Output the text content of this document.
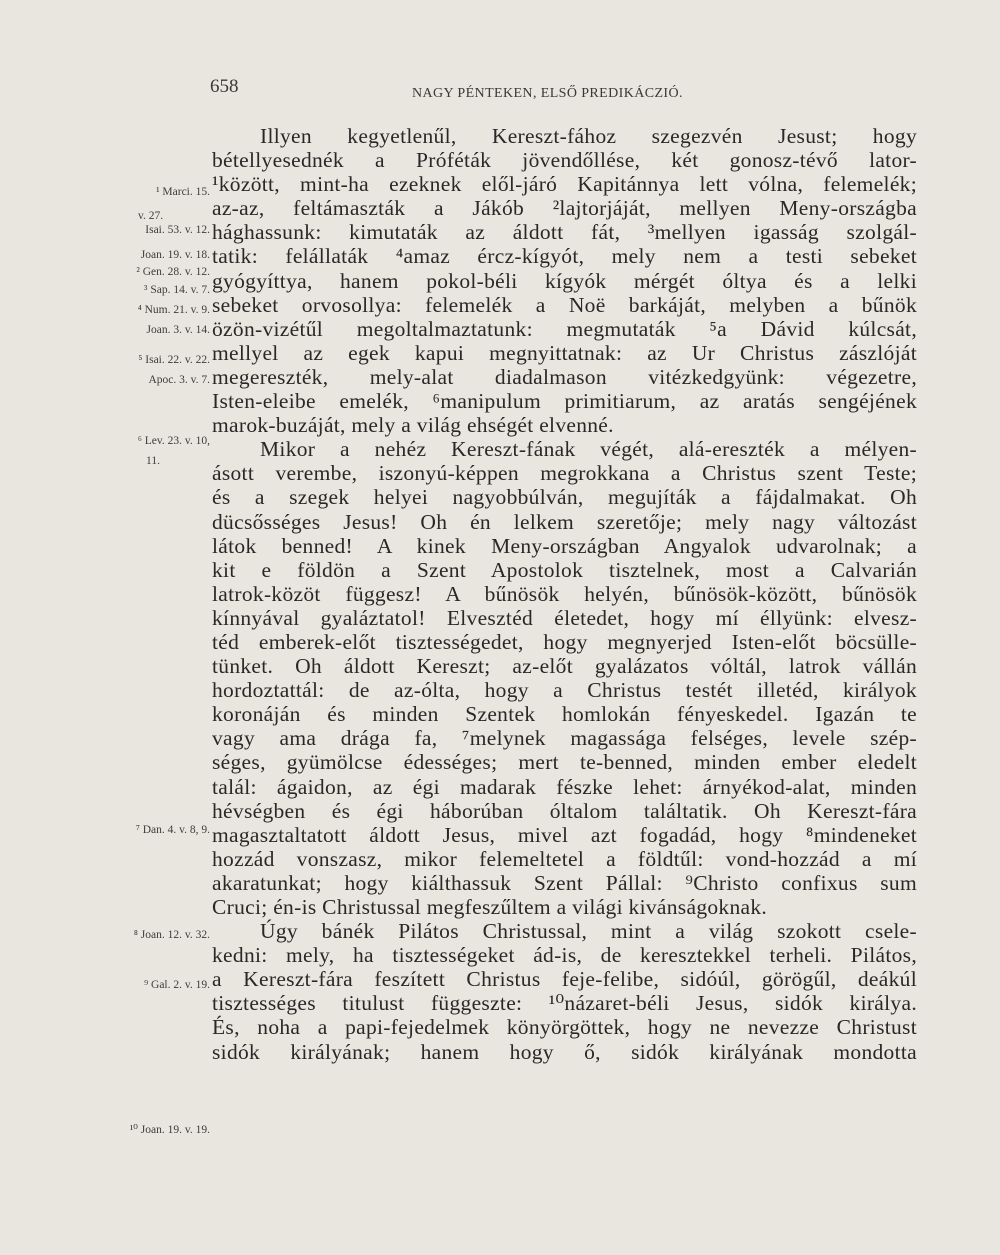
658	NAGY PÉNTEKEN, ELSŐ PREDIKÁCZIÓ.
¹ Marci. 15.
v. 27.
Isai. 53. v. 12.
Joan. 19. v. 18.
² Gen. 28. v. 12.
³ Sap. 14. v. 7.
⁴ Num. 21. v. 9.
Joan. 3. v. 14.
⁵ Isai. 22. v. 22.
Apoc. 3. v. 7.
⁶ Lev. 23. v. 10,
11.
⁷ Dan. 4. v. 8, 9.
⁸ Joan. 12. v. 32.
⁹ Gal. 2. v. 19.
¹⁰ Joan. 19. v. 19.
Illyen kegyetlenűl, Kereszt-fához szegezvén Jesust; hogy
bétellyesednék a Próféták jövendőllése, két gonosz-tévő lator-
¹között, mint-ha ezeknek elől-járó Kapitánnya lett vólna, felemelék;
az-az, feltámaszták a Jákób ²lajtorjáját, mellyen Meny-országba
hághassunk: kimutaták az áldott fát, ³mellyen igasság szolgál-
tatik: felállaták ⁴amaz ércz-kígyót, mely nem a testi sebeket
gyógyíttya, hanem pokol-béli kígyók mérgét óltya és a lelki
sebeket orvosollya: felemelék a Noë barkáját, melyben a bűnök
özön-vizétűl megoltalmaztatunk: megmutaták ⁵a Dávid kúlcsát,
mellyel az egek kapui megnyittatnak: az Ur Christus zászlóját
megereszték, mely-alat diadalmason vitézkedgyünk: végezetre,
Isten-eleibe emelék, ⁶manipulum primitiarum, az aratás sengéjének
marok-buzáját, mely a világ ehségét elvenné.
Mikor a nehéz Kereszt-fának végét, alá-ereszték a mélyen-
ásott verembe, iszonyú-képpen megrokkana a Christus szent Teste;
és a szegek helyei nagyobbúlván, megujíták a fájdalmakat. Oh
dücsősséges Jesus! Oh én lelkem szeretője; mely nagy változást
látok benned! A kinek Meny-országban Angyalok udvarolnak; a
kit e földön a Szent Apostolok tisztelnek, most a Calvarián
latrok-közöt függesz! A bűnösök helyén, bűnösök-között, bűnösök
kínnyával gyaláztatol! Elvesztéd életedet, hogy mí éllyünk: elvesz-
téd emberek-előt tisztességedet, hogy megnyerjed Isten-előt böcsülle-
tünket. Oh áldott Kereszt; az-előt gyalázatos vóltál, latrok vállán
hordoztattál: de az-ólta, hogy a Christus testét illetéd, királyok
koronáján és minden Szentek homlokán fényeskedel. Igazán te
vagy ama drága fa, ⁷melynek magassága felséges, levele szép-
séges, gyümölcse édességes; mert te-benned, minden ember eledelt
talál: ágaidon, az égi madarak fészke lehet: árnyékod-alat, minden
hévségben és égi háborúban óltalom találtatik. Oh Kereszt-fára
magasztaltatott áldott Jesus, mivel azt fogadád, hogy ⁸mindeneket
hozzád vonszasz, mikor felemeltetel a földtűl: vond-hozzád a mí
akaratunkat; hogy kiálthassuk Szent Pállal: ⁹Christo confixus sum
Cruci; én-is Christussal megfeszűltem a világi kivánságoknak.
Úgy bánék Pilátos Christussal, mint a világ szokott csele-
kedni: mely, ha tisztességeket ád-is, de keresztekkel terheli. Pilátos,
a Kereszt-fára feszített Christus feje-felibe, sidóúl, görögűl, deákúl
tisztességes titulust függeszte: ¹⁰názaret-béli Jesus, sidók királya.
És, noha a papi-fejedelmek könyörgöttek, hogy ne nevezze Christust
sidók királyának; hanem hogy ő, sidók királyának mondotta
